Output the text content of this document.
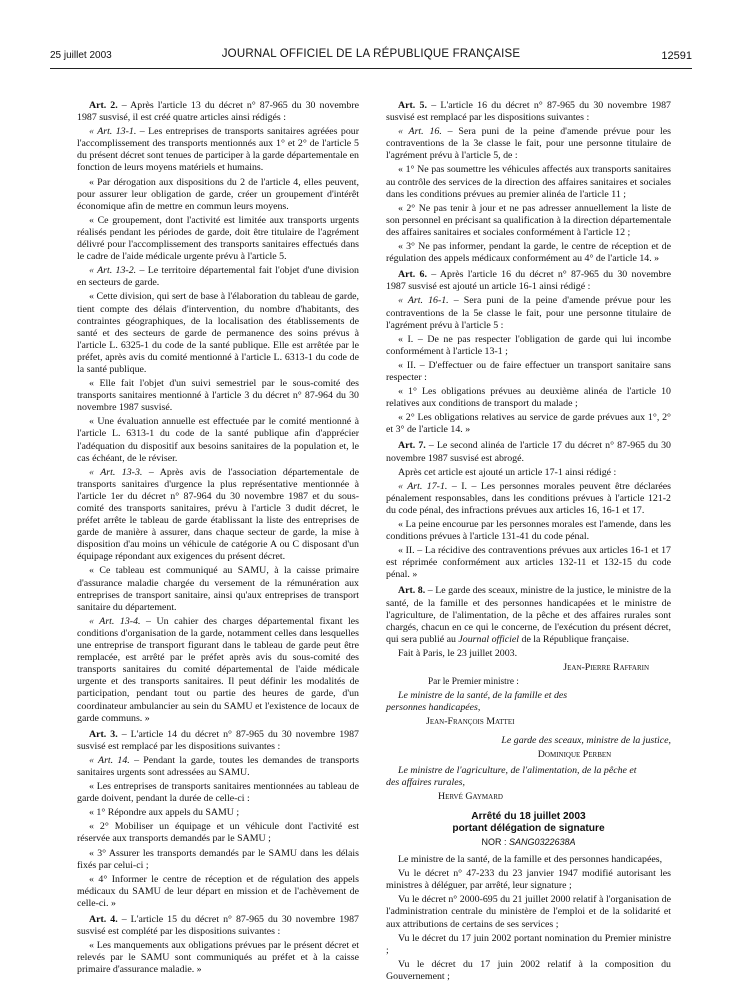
25 juillet 2003	JOURNAL OFFICIEL DE LA RÉPUBLIQUE FRANÇAISE	12591

Art. 2. – Après l'article 13 du décret n° 87-965 du 30 novembre 1987 susvisé, il est créé quatre articles ainsi rédigés :

« Art. 13-1. – Les entreprises de transports sanitaires agréées pour l'accomplissement des transports mentionnés aux 1° et 2° de l'article 5 du présent décret sont tenues de participer à la garde départementale en fonction de leurs moyens matériels et humains.

« Par dérogation aux dispositions du 2 de l'article 4, elles peuvent, pour assurer leur obligation de garde, créer un groupement d'intérêt économique afin de mettre en commun leurs moyens.

« Ce groupement, dont l'activité est limitée aux transports urgents réalisés pendant les périodes de garde, doit être titulaire de l'agrément délivré pour l'accomplissement des transports sanitaires effectués dans le cadre de l'aide médicale urgente prévu à l'article 5.

« Art. 13-2. – Le territoire départemental fait l'objet d'une division en secteurs de garde.

« Cette division, qui sert de base à l'élaboration du tableau de garde, tient compte des délais d'intervention, du nombre d'habitants, des contraintes géographiques, de la localisation des établissements de santé et des secteurs de garde de permanence des soins prévus à l'article L. 6325-1 du code de la santé publique. Elle est arrêtée par le préfet, après avis du comité mentionné à l'article L. 6313-1 du code de la santé publique.

« Elle fait l'objet d'un suivi semestriel par le sous-comité des transports sanitaires mentionné à l'article 3 du décret n° 87-964 du 30 novembre 1987 susvisé.

« Une évaluation annuelle est effectuée par le comité mentionné à l'article L. 6313-1 du code de la santé publique afin d'apprécier l'adéquation du dispositif aux besoins sanitaires de la population et, le cas échéant, de le réviser.

« Art. 13-3. – Après avis de l'association départementale de transports sanitaires d'urgence la plus représentative mentionnée à l'article 1er du décret n° 87-964 du 30 novembre 1987 et du sous-comité des transports sanitaires, prévu à l'article 3 dudit décret, le préfet arrête le tableau de garde établissant la liste des entreprises de garde de manière à assurer, dans chaque secteur de garde, la mise à disposition d'au moins un véhicule de catégorie A ou C disposant d'un équipage répondant aux exigences du présent décret.

« Ce tableau est communiqué au SAMU, à la caisse primaire d'assurance maladie chargée du versement de la rémunération aux entreprises de transport sanitaire, ainsi qu'aux entreprises de transport sanitaire du département.

« Art. 13-4. – Un cahier des charges départemental fixant les conditions d'organisation de la garde, notamment celles dans lesquelles une entreprise de transport figurant dans le tableau de garde peut être remplacée, est arrêté par le préfet après avis du sous-comité des transports sanitaires du comité départemental de l'aide médicale urgente et des transports sanitaires. Il peut définir les modalités de participation, pendant tout ou partie des heures de garde, d'un coordinateur ambulancier au sein du SAMU et l'existence de locaux de garde communs. »

Art. 3. – L'article 14 du décret n° 87-965 du 30 novembre 1987 susvisé est remplacé par les dispositions suivantes :

« Art. 14. – Pendant la garde, toutes les demandes de transports sanitaires urgents sont adressées au SAMU.

« Les entreprises de transports sanitaires mentionnées au tableau de garde doivent, pendant la durée de celle-ci :

« 1° Répondre aux appels du SAMU ;

« 2° Mobiliser un équipage et un véhicule dont l'activité est réservée aux transports demandés par le SAMU ;

« 3° Assurer les transports demandés par le SAMU dans les délais fixés par celui-ci ;

« 4° Informer le centre de réception et de régulation des appels médicaux du SAMU de leur départ en mission et de l'achèvement de celle-ci. »

Art. 4. – L'article 15 du décret n° 87-965 du 30 novembre 1987 susvisé est complété par les dispositions suivantes :

« Les manquements aux obligations prévues par le présent décret et relevés par le SAMU sont communiqués au préfet et à la caisse primaire d'assurance maladie. »

Art. 5. – L'article 16 du décret n° 87-965 du 30 novembre 1987 susvisé est remplacé par les dispositions suivantes :

« Art. 16. – Sera puni de la peine d'amende prévue pour les contraventions de la 3e classe le fait, pour une personne titulaire de l'agrément prévu à l'article 5, de :

« 1° Ne pas soumettre les véhicules affectés aux transports sanitaires au contrôle des services de la direction des affaires sanitaires et sociales dans les conditions prévues au premier alinéa de l'article 11 ;

« 2° Ne pas tenir à jour et ne pas adresser annuellement la liste de son personnel en précisant sa qualification à la direction départementale des affaires sanitaires et sociales conformément à l'article 12 ;

« 3° Ne pas informer, pendant la garde, le centre de réception et de régulation des appels médicaux conformément au 4° de l'article 14. »

Art. 6. – Après l'article 16 du décret n° 87-965 du 30 novembre 1987 susvisé est ajouté un article 16-1 ainsi rédigé :

« Art. 16-1. – Sera puni de la peine d'amende prévue pour les contraventions de la 5e classe le fait, pour une personne titulaire de l'agrément prévu à l'article 5 :

« I. – De ne pas respecter l'obligation de garde qui lui incombe conformément à l'article 13-1 ;

« II. – D'effectuer ou de faire effectuer un transport sanitaire sans respecter :

« 1° Les obligations prévues au deuxième alinéa de l'article 10 relatives aux conditions de transport du malade ;

« 2° Les obligations relatives au service de garde prévues aux 1°, 2° et 3° de l'article 14. »

Art. 7. – Le second alinéa de l'article 17 du décret n° 87-965 du 30 novembre 1987 susvisé est abrogé.

Après cet article est ajouté un article 17-1 ainsi rédigé :

« Art. 17-1. – I. – Les personnes morales peuvent être déclarées pénalement responsables, dans les conditions prévues à l'article 121-2 du code pénal, des infractions prévues aux articles 16, 16-1 et 17.

« La peine encourue par les personnes morales est l'amende, dans les conditions prévues à l'article 131-41 du code pénal.

« II. – La récidive des contraventions prévues aux articles 16-1 et 17 est réprimée conformément aux articles 132-11 et 132-15 du code pénal. »

Art. 8. – Le garde des sceaux, ministre de la justice, le ministre de la santé, de la famille et des personnes handicapées et le ministre de l'agriculture, de l'alimentation, de la pêche et des affaires rurales sont chargés, chacun en ce qui le concerne, de l'exécution du présent décret, qui sera publié au Journal officiel de la République française.

Fait à Paris, le 23 juillet 2003.

Jean-Pierre Raffarin

Par le Premier ministre :

Le ministre de la santé, de la famille et des personnes handicapées,

Jean-François Mattei

Le garde des sceaux, ministre de la justice,

Dominique Perben

Le ministre de l'agriculture, de l'alimentation, de la pêche et des affaires rurales,

Hervé Gaymard

Arrêté du 18 juillet 2003
portant délégation de signature
NOR : SANG0322638A

Le ministre de la santé, de la famille et des personnes handicapées,

Vu le décret n° 47-233 du 23 janvier 1947 modifié autorisant les ministres à déléguer, par arrêté, leur signature ;

Vu le décret n° 2000-695 du 21 juillet 2000 relatif à l'organisation de l'administration centrale du ministère de l'emploi et de la solidarité et aux attributions de certains de ses services ;

Vu le décret du 17 juin 2002 portant nomination du Premier ministre ;

Vu le décret du 17 juin 2002 relatif à la composition du Gouvernement ;
